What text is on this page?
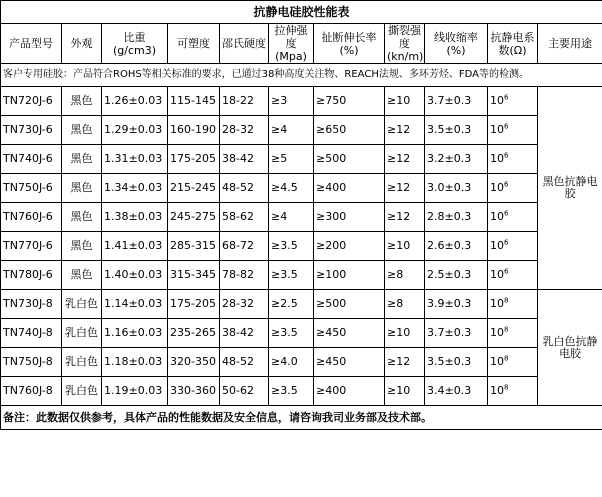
抗静电硅胶性能表										
产品型号	外观	比重(g/cm3)	可塑度	邵氏硬度	拉伸强度(Mpa)	扯断伸长率(%)	撕裂强度(kn/m)	线收缩率(%)	抗静电系数(Ω)	主要用途
客户专用硅胶：产品符合ROHS等相关标准的要求，已通过38种高度关注物、REACH法规、多环芳烃、FDA等的检测。										
TN720J-6	黑色	1.26±0.03	115-145	18-22	≥3	≥750	≥10	3.7±0.3	$10^6$	黑色抗静电胶
TN730J-6	黑色	1.29±0.03	160-190	28-32	≥4	≥650	≥12	3.5±0.3	$10^6$
TN740J-6	黑色	1.31±0.03	175-205	38-42	≥5	≥500	≥12	3.2±0.3	$10^6$
TN750J-6	黑色	1.34±0.03	215-245	48-52	≥4.5	≥400	≥12	3.0±0.3	$10^6$
TN760J-6	黑色	1.38±0.03	245-275	58-62	≥4	≥300	≥12	2.8±0.3	$10^6$
TN770J-6	黑色	1.41±0.03	285-315	68-72	≥3.5	≥200	≥10	2.6±0.3	$10^6$
TN780J-6	黑色	1.40±0.03	315-345	78-82	≥3.5	≥100	≥8	2.5±0.3	$10^6$
TN730J-8	乳白色	1.14±0.03	175-205	28-32	≥2.5	≥500	≥8	3.9±0.3	$10^8$	乳白色抗静电胶
TN740J-8	乳白色	1.16±0.03	235-265	38-42	≥3.5	≥450	≥10	3.7±0.3	$10^8$
TN750J-8	乳白色	1.18±0.03	320-350	48-52	≥4.0	≥450	≥12	3.5±0.3	$10^8$
TN760J-8	乳白色	1.19±0.03	330-360	50-62	≥3.5	≥400	≥10	3.4±0.3	$10^8$
备注：此数据仅供参考，具体产品的性能数据及安全信息，请咨询我司业务部及技术部。										
